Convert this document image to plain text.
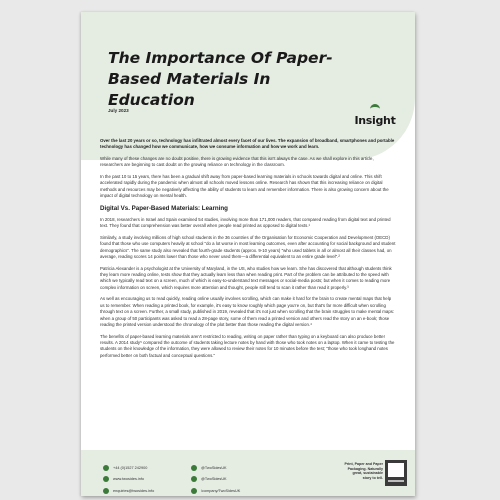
The Importance Of Paper-Based Materials In Education
July 2023
Insight

Over the last 20 years or so, technology has infiltrated almost every facet of our lives. The expansion of broadband, smartphones and portable technology has changed how we communicate, how we consume information and how we work and learn.

While many of these changes are no doubt positive, there is growing evidence that this isn't always the case. As we shall explore in this article, researchers are beginning to cast doubt on the growing reliance on technology in the classroom.

In the past 10 to 15 years, there has been a gradual shift away from paper-based learning materials in schools towards digital and online. This shift accelerated rapidly during the pandemic when almost all schools moved lessons online. Research has shown that this increasing reliance on digital methods and resources may be negatively affecting the ability of students to learn and remember information. There is also growing concern about the impact of digital technology on mental health.

Digital Vs. Paper-Based Materials: Learning

In 2018, researchers in Israel and Spain examined 54 studies, involving more than 171,000 readers, that compared reading from digital text and printed text. They found that comprehension was better overall when people read printed as opposed to digital texts.¹

Similarly, a study involving millions of high school students in the 36 countries of the Organisation for Economic Cooperation and Development (OECD) found that those who use computers heavily at school "do a lot worse in most learning outcomes, even after accounting for social background and student demographics". The same study also revealed that fourth-grade students (approx. 9-10 years) "who used tablets in all or almost all their classes had, on average, reading scores 14 points lower than those who never used them—a differential equivalent to an entire grade level".²

Patricia Alexander is a psychologist at the University of Maryland, in the US, who studies how we learn. She has discovered that although students think they learn more reading online, tests show that they actually learn less than when reading print. Part of the problem can be attributed to the speed with which we typically read text on a screen, much of which is easy-to-understand text messages or social-media posts; but when it comes to reading more complex information on screen, which requires more attention and thought, people still tend to scan it rather than read it properly.³

As well as encouraging us to read quickly, reading online usually involves scrolling, which can make it hard for the brain to create mental maps that help us to remember. When reading a printed book, for example, it's easy to know roughly which page you're on, but that's far more difficult when scrolling through text on a screen. Further, a small study, published in 2019, revealed that it's not just when scrolling that the brain struggles to make mental maps: when a group of 50 participants was asked to read a 28-page story, some of them read a printed version and others read the story on an e-book; those reading the printed version understood the chronology of the plot better than those reading the digital version.⁴

The benefits of paper-based learning materials aren't restricted to reading, writing on paper rather than typing on a keyboard can also produce better results. A 2014 study⁵ compared the outcome of students taking lecture notes by hand with those who took notes on a laptop. When it came to testing the students on their knowledge of the information, they were allowed to review their notes for 10 minutes before the test; "those who took longhand notes performed better on both factual and conceptual questions."

+44 (0)1527 242900
www.twosides.info
enquiries@twosides.info
@TwoSidesUK
@TwoSidesUK
/company/TwoSidesUK
Print, Paper and Paper Packaging. Naturally great, sustainable story to tell.
